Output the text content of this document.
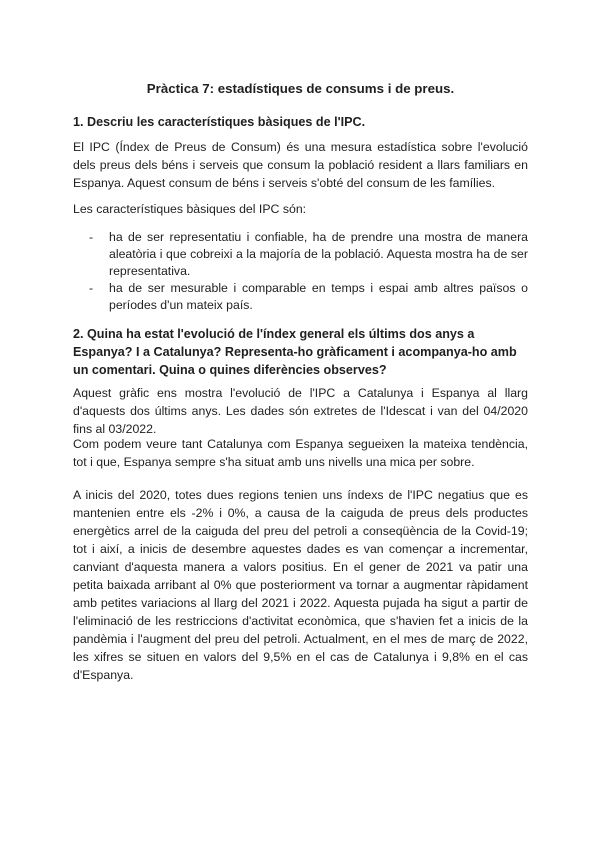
Pràctica 7: estadístiques de consums i de preus.

1. Descriu les característiques bàsiques de l'IPC.

El IPC (Índex de Preus de Consum) és una mesura estadística sobre l'evolució dels preus dels béns i serveis que consum la població resident a llars familiars en Espanya. Aquest consum de béns i serveis s'obté del consum de les famílies.

Les característiques bàsiques del IPC són:

- ha de ser representatiu i confiable, ha de prendre una mostra de manera aleatòria i que cobreixi a la majoría de la població. Aquesta mostra ha de ser representativa.
- ha de ser mesurable i comparable en temps i espai amb altres països o períodes d'un mateix país.

2. Quina ha estat l'evolució de l'índex general els últims dos anys a Espanya? I a Catalunya? Representa-ho gràficament i acompanya-ho amb un comentari. Quina o quines diferències observes?

Aquest gràfic ens mostra l'evolució de l'IPC a Catalunya i Espanya al llarg d'aquests dos últims anys. Les dades són extretes de l'Idescat i van del 04/2020 fins al 03/2022.

Com podem veure tant Catalunya com Espanya segueixen la mateixa tendència, tot i que, Espanya sempre s'ha situat amb uns nivells una mica per sobre.

A inicis del 2020, totes dues regions tenien uns índexs de l'IPC negatius que es mantenien entre els -2% i 0%, a causa de la caiguda de preus dels productes energètics arrel de la caiguda del preu del petroli a conseqüència de la Covid-19; tot i així, a inicis de desembre aquestes dades es van començar a incrementar, canviant d'aquesta manera a valors positius. En el gener de 2021 va patir una petita baixada arribant al 0% que posteriorment va tornar a augmentar ràpidament amb petites variacions al llarg del 2021 i 2022. Aquesta pujada ha sigut a partir de l'eliminació de les restriccions d'activitat econòmica, que s'havien fet a inicis de la pandèmia i l'augment del preu del petroli. Actualment, en el mes de març de 2022, les xifres se situen en valors del 9,5% en el cas de Catalunya i 9,8% en el cas d'Espanya.
